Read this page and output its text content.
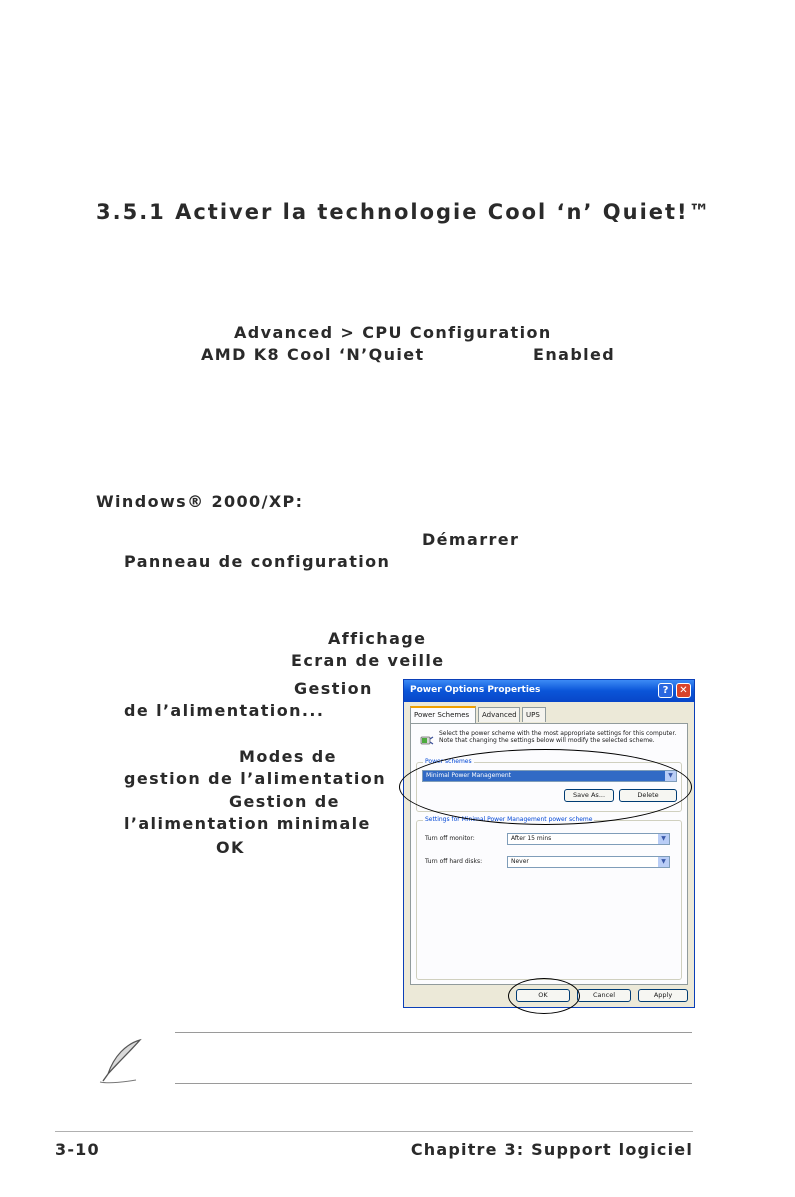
3.5.1 Activer la technologie Cool ‘n’ Quiet!™
Advanced > CPU Configuration
AMD K8 Cool ‘N’Quiet	Enabled
Windows® 2000/XP:
Démarrer
Panneau de configuration
Affichage
Ecran de veille
Gestion
de l’alimentation...
Modes de
gestion de l’alimentation
Gestion de
l’alimentation minimale
OK
Power Options Properties	?	✕
Power Schemes	Advanced	UPS
Select the power scheme with the most appropriate settings for this computer. Note that changing the settings below will modify the selected scheme.
Power schemes
Minimal Power Management	▼
Save As...	Delete
Settings for Minimal Power Management power scheme
Turn off monitor:	After 15 mins	▼
Turn off hard disks:	Never	▼
OK	Cancel	Apply
3-10	Chapitre 3: Support logiciel
